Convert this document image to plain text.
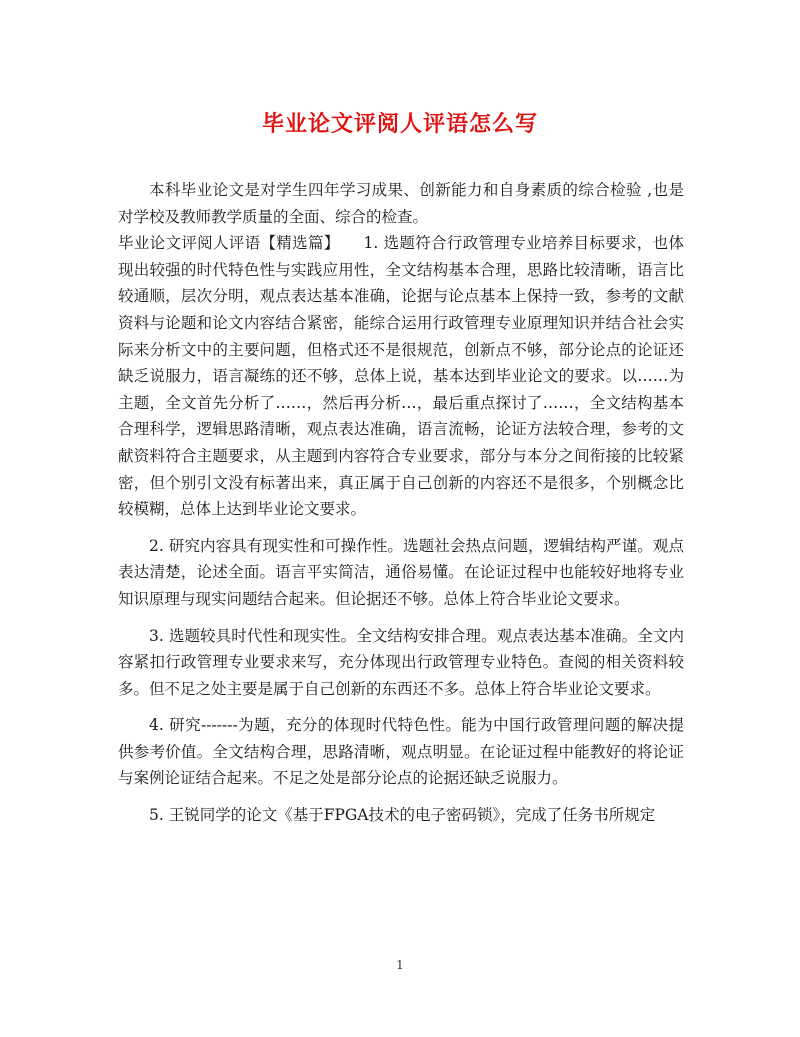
毕业论文评阅人评语怎么写

本科毕业论文是对学生四年学习成果、创新能力和自身素质的综合检验 ,也是对学校及教师教学质量的全面、综合的检查。

毕业论文评阅人评语【精选篇】　　1. 选题符合行政管理专业培养目标要求，也体现出较强的时代特色性与实践应用性，全文结构基本合理，思路比较清晰，语言比较通顺，层次分明，观点表达基本准确，论据与论点基本上保持一致，参考的文献资料与论题和论文内容结合紧密，能综合运用行政管理专业原理知识并结合社会实际来分析文中的主要问题，但格式还不是很规范，创新点不够，部分论点的论证还缺乏说服力，语言凝练的还不够，总体上说，基本达到毕业论文的要求。以……为主题，全文首先分析了……，然后再分析…，最后重点探讨了……，全文结构基本合理科学，逻辑思路清晰，观点表达准确，语言流畅，论证方法较合理，参考的文献资料符合主题要求，从主题到内容符合专业要求，部分与本分之间衔接的比较紧密，但个别引文没有标著出来，真正属于自己创新的内容还不是很多，个别概念比较模糊，总体上达到毕业论文要求。

2. 研究内容具有现实性和可操作性。选题社会热点问题，逻辑结构严谨。观点表达清楚，论述全面。语言平实简洁，通俗易懂。在论证过程中也能较好地将专业知识原理与现实问题结合起来。但论据还不够。总体上符合毕业论文要求。

3. 选题较具时代性和现实性。全文结构安排合理。观点表达基本准确。全文内容紧扣行政管理专业要求来写，充分体现出行政管理专业特色。查阅的相关资料较多。但不足之处主要是属于自己创新的东西还不多。总体上符合毕业论文要求。

4. 研究-------为题，充分的体现时代特色性。能为中国行政管理问题的解决提供参考价值。全文结构合理，思路清晰，观点明显。在论证过程中能教好的将论证与案例论证结合起来。不足之处是部分论点的论据还缺乏说服力。

5. 王锐同学的论文《基于FPGA技术的电子密码锁》，完成了任务书所规定

1
